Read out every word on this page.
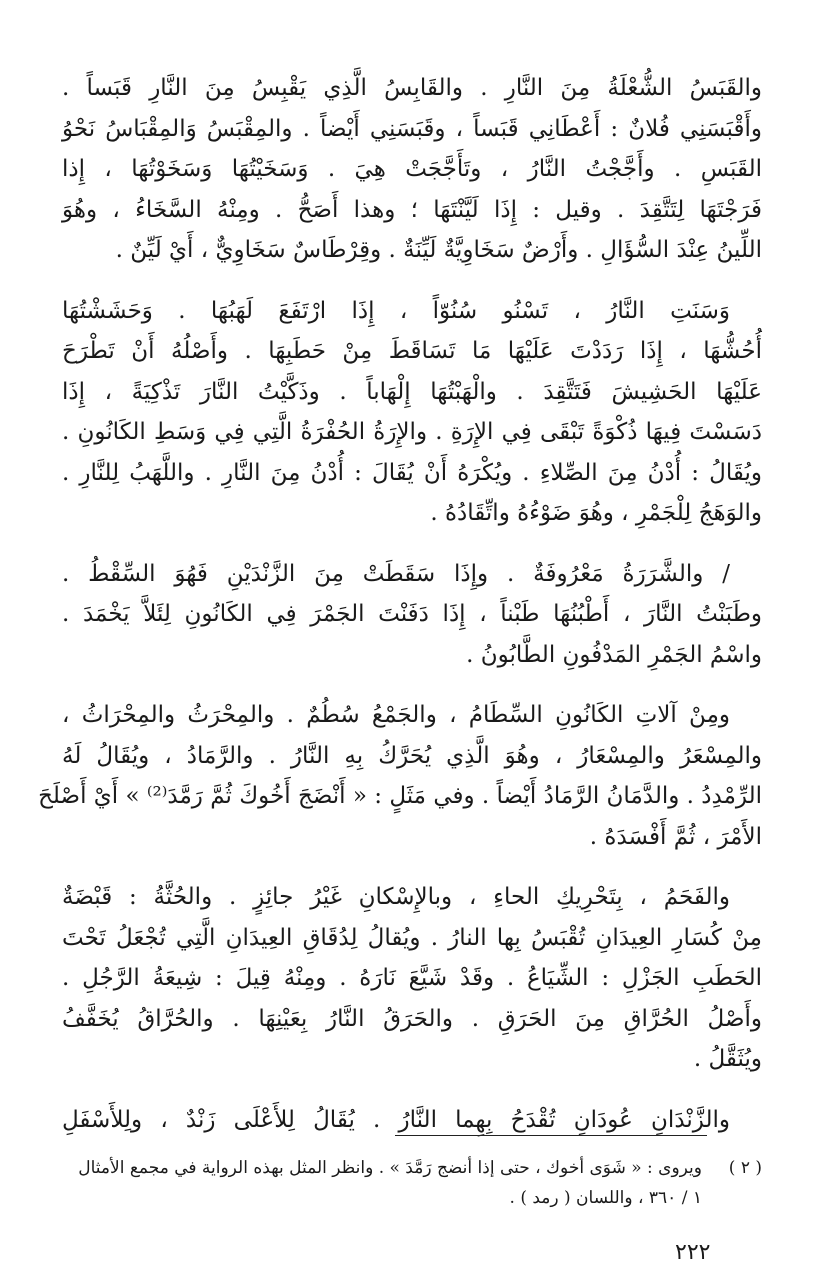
والقَبَسُ الشُّعْلَةُ مِنَ النَّارِ . والقَابِسُ الَّذِي يَقْبِسُ مِنَ النَّارِ قَبَساً .
وأَقْبَسَنِي فُلانٌ : أَعْطَانِي قَبَساً ، وقَبَسَنِي أَيْضاً . والمِقْبَسُ وَالمِقْبَاسُ نَحْوُ
القَبَسِ . وأَجَّجْتُ النَّارُ ، وتَأَجَّجَتْ هِيَ . وَسَخَيْتُهَا وَسَخَوْتُهَا ، إِذا
فَرَجْتَهَا لِتَتَّقِدَ . وقيل : إِذَا لَيَّنْتَهَا ؛ وهذا أَصَحُّ . ومِنْهُ السَّخَاءُ ، وهُوَ
اللِّينُ عِنْدَ السُّؤَالِ . وأَرْضٌ سَخَاوِيَّةٌ لَيِّنَةٌ . وقِرْطَاسٌ سَخَاوِيٌّ ، أَيْ لَيِّنٌ .

وَسَنَتِ النَّارُ ، تَسْنُو سُنُوّاً ، إِذَا ارْتَفَعَ لَهَبُهَا . وَحَشَشْتُهَا
أُحُشُّهَا ، إِذَا رَدَدْتَ عَلَيْهَا مَا تَسَاقَطَ مِنْ حَطَبِهَا . وأَصْلُهُ أَنْ تَطْرَحَ
عَلَيْهَا الحَشِيشَ فَتَتَّقِدَ . والْهَبْتُهَا إِلْهَاباً . وذَكَّيْتُ النَّارَ تَذْكِيَةً ، إِذَا
دَسَسْتَ فِيهَا ذُكْوَةً تَبْقَى فِي الإِرَةِ . والإِرَةُ الحُفْرَةُ الَّتِي فِي وَسَطِ الكَانُونِ .
ويُقَالُ : أُدْنُ مِنَ الصِّلاءِ . ويُكْرَهُ أَنْ يُقَالَ : أُدْنُ مِنَ النَّارِ . واللَّهَبُ لِلنَّارِ .
والوَهَجُ لِلْجَمْرِ ، وهُوَ ضَوْءُهُ واتِّقَادُهُ .

/ والشَّرَرَةُ مَعْرُوفَةٌ . وإِذَا سَقَطَتْ مِنَ الزَّنْدَيْنِ فَهُوَ السِّقْطُ .
وطَبَنْتُ النَّارَ ، أَطْبُنُهَا طَبْناً ، إِذَا دَفَنْتَ الجَمْرَ فِي الكَانُونِ لِئَلاَّ يَخْمَدَ .
واسْمُ الجَمْرِ المَدْفُونِ الطَّابُونُ .

ومِنْ آلاتِ الكَانُونِ السِّطَامُ ، والجَمْعُ سُطُمٌ . والمِحْرَثُ والمِحْرَاثُ ،
والمِسْعَرُ والمِسْعَارُ ، وهُوَ الَّذِي يُحَرَّكُ بِهِ النَّارُ . والرَّمَادُ ، ويُقَالُ لَهُ
الرِّمْدِدُ . والدَّمَانُ الرَّمَادُ أَيْضاً . وفي مَثَلٍ : « أَنْضَجَ أَخُوكَ ثُمَّ رَمَّدَ⁽²⁾ » أَيْ أَصْلَحَ
الأَمْرَ ، ثُمَّ أَفْسَدَهُ .

والفَحَمُ ، بِتَحْرِيكِ الحاءِ ، وبالإِسْكانِ غَيْرُ جائِزٍ . والحُثَّةُ : قَبْضَةٌ
مِنْ كُسَارِ العِيدَانِ تُقْبَسُ بِها النارُ . ويُقالُ لِدُقَاقِ العِيدَانِ الَّتِي تُجْعَلُ تَحْتَ
الحَطَبِ الجَزْلِ : الشِّيَاعُ . وقَدْ شَيَّعَ نَارَهُ . ومِنْهُ قِيلَ : شِيعَةُ الرَّجُلِ .
وأَصْلُ الحُرَّاقِ مِنَ الحَرَقِ . والحَرَقُ النَّارُ بِعَيْنِهَا . والحُرَّاقُ يُخَفَّفُ
ويُثَقَّلُ .

والزَّنْدَانِ عُودَانِ تُقْدَحُ بِهِما النَّارُ . يُقَالُ لِلأَعْلَى زَنْدٌ ، ولِلأَسْفَلِ

( ٢ )ويروى : « شَوَى أخوك ، حتى إذا أنضج رَمَّدَ » . وانظر المثل بهذه الرواية في مجمع الأمثال
١ / ٣٦٠ ، واللسان ( رمد ) .
٢٢٢
